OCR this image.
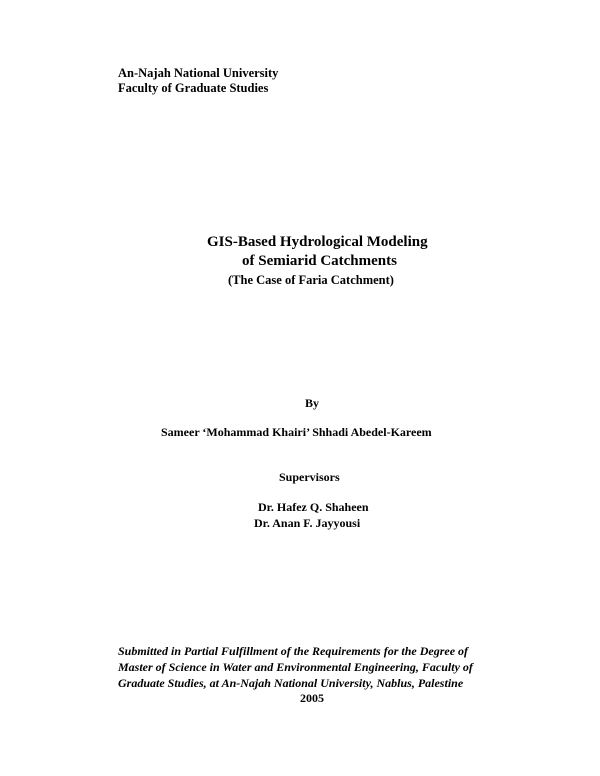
An-Najah National University
Faculty of Graduate Studies
GIS-Based Hydrological Modeling
of Semiarid Catchments
(The Case of Faria Catchment)
By
Sameer ‘Mohammad Khairi’ Shhadi Abedel-Kareem
Supervisors
Dr. Hafez Q. Shaheen
Dr. Anan F. Jayyousi
Submitted in Partial Fulfillment of the Requirements for the Degree of
Master of Science in Water and Environmental Engineering, Faculty of
Graduate Studies, at An-Najah National University, Nablus, Palestine
2005
